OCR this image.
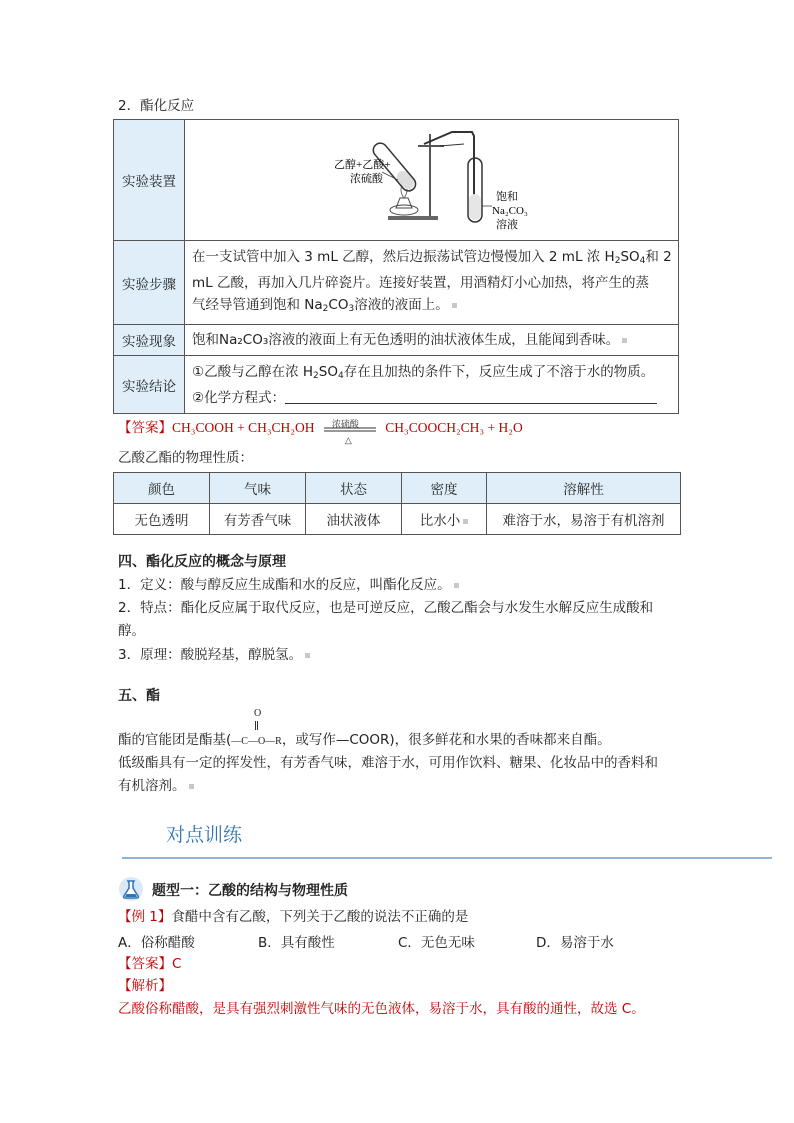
2．酯化反应
实验装置	乙醇+乙酸+
浓硫酸
饱和
Na₂CO₃
溶液

实验步骤	在一支试管中加入 3 mL 乙醇，然后边振荡试管边慢慢加入 2 mL 浓 $H_2SO_4$和 2
mL 乙酸，再加入几片碎瓷片。连接好装置，用酒精灯小心加热，将产生的蒸
气经导管通到饱和 $Na_2CO_3$溶液的液面上。

实验现象	饱和Na₂CO₃溶液的液面上有无色透明的油状液体生成，且能闻到香味。
实验结论	①乙酸与乙醇在浓 $H_2SO_4$存在且加热的条件下，反应生成了不溶于水的物质。
②化学方程式：
【答案】CH₃COOH + CH₃CH₂OH 浓硫酸
△
CH₃COOCH₂CH₃ + H₂O
乙酸乙酯的物理性质：
颜色	气味	状态	密度	溶解性
无色透明	有芳香气味	油状液体	比水小	难溶于水，易溶于有机溶剂
四、酯化反应的概念与原理
1．定义：酸与醇反应生成酯和水的反应，叫酯化反应。
2．特点：酯化反应属于取代反应，也是可逆反应，乙酸乙酯会与水发生水解反应生成酸和
醇。
3．原理：酸脱羟基，醇脱氢。
五、酯
O
酯的官能团是酯基(—C—O—R，或写作—COOR)，很多鲜花和水果的香味都来自酯。
低级酯具有一定的挥发性，有芳香气味，难溶于水，可用作饮料、糖果、化妆品中的香料和
有机溶剂。
对点训练
题型一：乙酸的结构与物理性质
【例 1】食醋中含有乙酸，下列关于乙酸的说法不正确的是
A．俗称醋酸	B．具有酸性	C．无色无味	D．易溶于水
【答案】C
【解析】
乙酸俗称醋酸，是具有强烈刺激性气味的无色液体，易溶于水，具有酸的通性，故选 C。
